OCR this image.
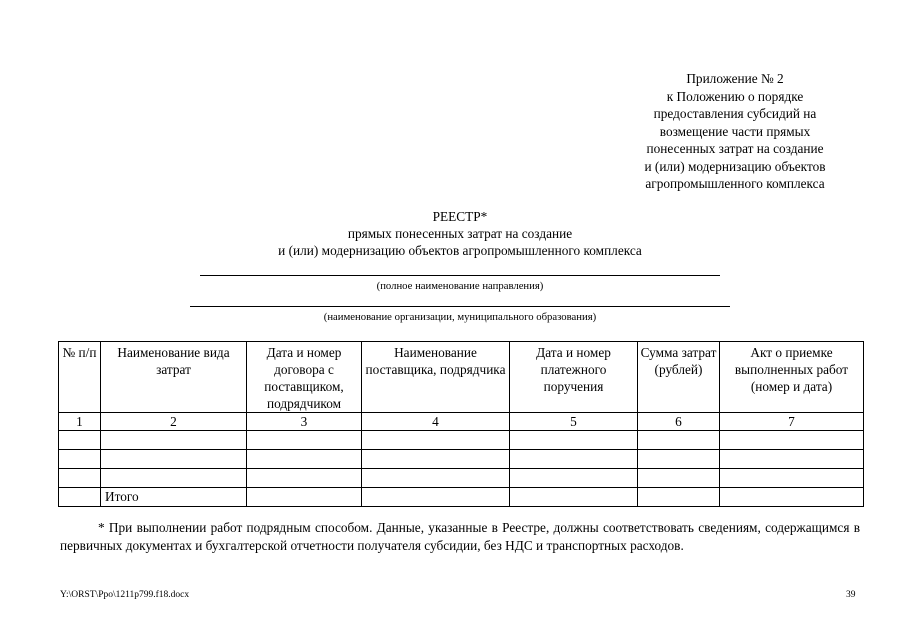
Приложение № 2
к Положению о порядке
предоставления субсидий на
возмещение части прямых
понесенных затрат на создание
и (или) модернизацию объектов
агропромышленного комплекса
РЕЕСТР*
прямых понесенных затрат на создание
и (или) модернизацию объектов агропромышленного комплекса
(полное наименование направления)
(наименование организации, муниципального образования)
№ п/п	Наименование вида затрат	Дата и номер договора с поставщиком, подрядчиком	Наименование поставщика, подрядчика	Дата и номер платежного поручения	Сумма затрат (рублей)	Акт о приемке выполненных работ (номер и дата)
1	2	3	4	5	6	7

	Итого					
* При выполнении работ подрядным способом. Данные, указанные в Реестре, должны соответствовать сведениям, содержащимся в первичных документах и бухгалтерской отчетности получателя субсидии, без НДС и транспортных расходов.
Y:\ORST\Ppo\1211p799.f18.docx	39
